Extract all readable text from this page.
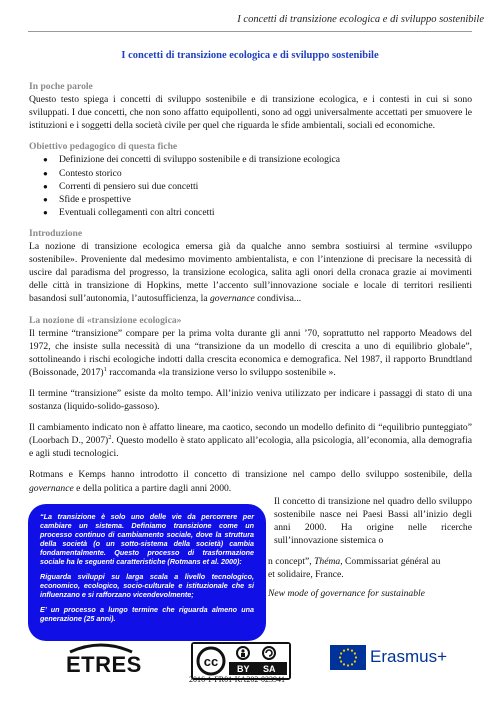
I concetti di transizione ecologica e di sviluppo sostenibile
I concetti di transizione ecologica e di sviluppo sostenibile
In poche parole

Questo testo spiega i concetti di sviluppo sostenibile e di transizione ecologica, e i contesti in cui si sono sviluppati. I due concetti, che non sono affatto equipollenti, sono ad oggi universalmente accettati per smuovere le istituzioni e i soggetti della società civile per quel che riguarda le sfide ambientali, sociali ed economiche.

Obiettivo pedagogico di questa fiche
● Definizione dei concetti di sviluppo sostenibile e di transizione ecologica
● Contesto storico
● Correnti di pensiero sui due concetti
● Sfide e prospettive
● Eventuali collegamenti con altri concetti
Introduzione

La nozione di transizione ecologica emersa già da qualche anno sembra sostiuirsi al termine «sviluppo sostenibile». Proveniente dal medesimo movimento ambientalista, e con l’intenzione di precisare la necessità di uscire dal paradisma del progresso, la transizione ecologica, salita agli onori della cronaca grazie ai movimenti delle città in transizione di Hopkins, mette l’accento sull’innovazione sociale e locale di territori resilienti basandosi sull’autonomia, l’autosufficienza, la governance condivisa...

La nozione di «transizione ecologica»

Il termine “transizione” compare per la prima volta durante gli anni ’70, soprattutto nel rapporto Meadows del 1972, che insiste sulla necessità di una “transizione da un modello di crescita a uno di equilibrio globale”, sottolineando i rischi ecologiche indotti dalla crescita economica e demografica. Nel 1987, il rapporto Brundtland (Boissonade, 2017)$^1$ raccomanda «la transizione verso lo sviluppo sostenibile ».

Il termine “transizione” esiste da molto tempo. All’inizio veniva utilizzato per indicare i passaggi di stato di una sostanza (liquido-solido-gassoso).

Il cambiamento indicato non è affatto lineare, ma caotico, secondo un modello definito di “equilibrio punteggiato” (Loorbach D., 2007)$^2$. Questo modello è stato applicato all’ecologia, alla psicologia, all’economia, alla demografia e agli studi tecnologici.

Rotmans e Kemps hanno introdotto il concetto di transizione nel campo dello sviluppo sostenibile, della governance e della politica a partire dagli anni 2000.

Il concetto di transizione nel quadro dello sviluppo sostenibile nasce nei Paesi Bassi all’inizio degli anni 2000. Ha origine nelle ricerche sull’innovazione sistemica o

n concept”, Théma, Commissariat général au
et solidaire, France.
New mode of governance for sustainable

“La transizione è solo uno delle vie da percorrere per cambiare un sistema. Definiamo transizione come un processo continuo di cambiamento sociale, dove la struttura della società (o un sotto-sistema della società) cambia fondamentalmente. Questo processo di trasformazione sociale ha le seguenti caratteristiche (Rotmans et al. 2000):

Riguarda sviluppi su larga scala a livello tecnologico, economico, ecologico, socio-culturale e istituzionale che si influenzano e si rafforzano vicendevolmente;

E’ un processo a lungo termine che riguarda almeno una generazione (25 anni).

ETRES	cc BY SA
2016-1-FR01-KA202-023941
Erasmus+
